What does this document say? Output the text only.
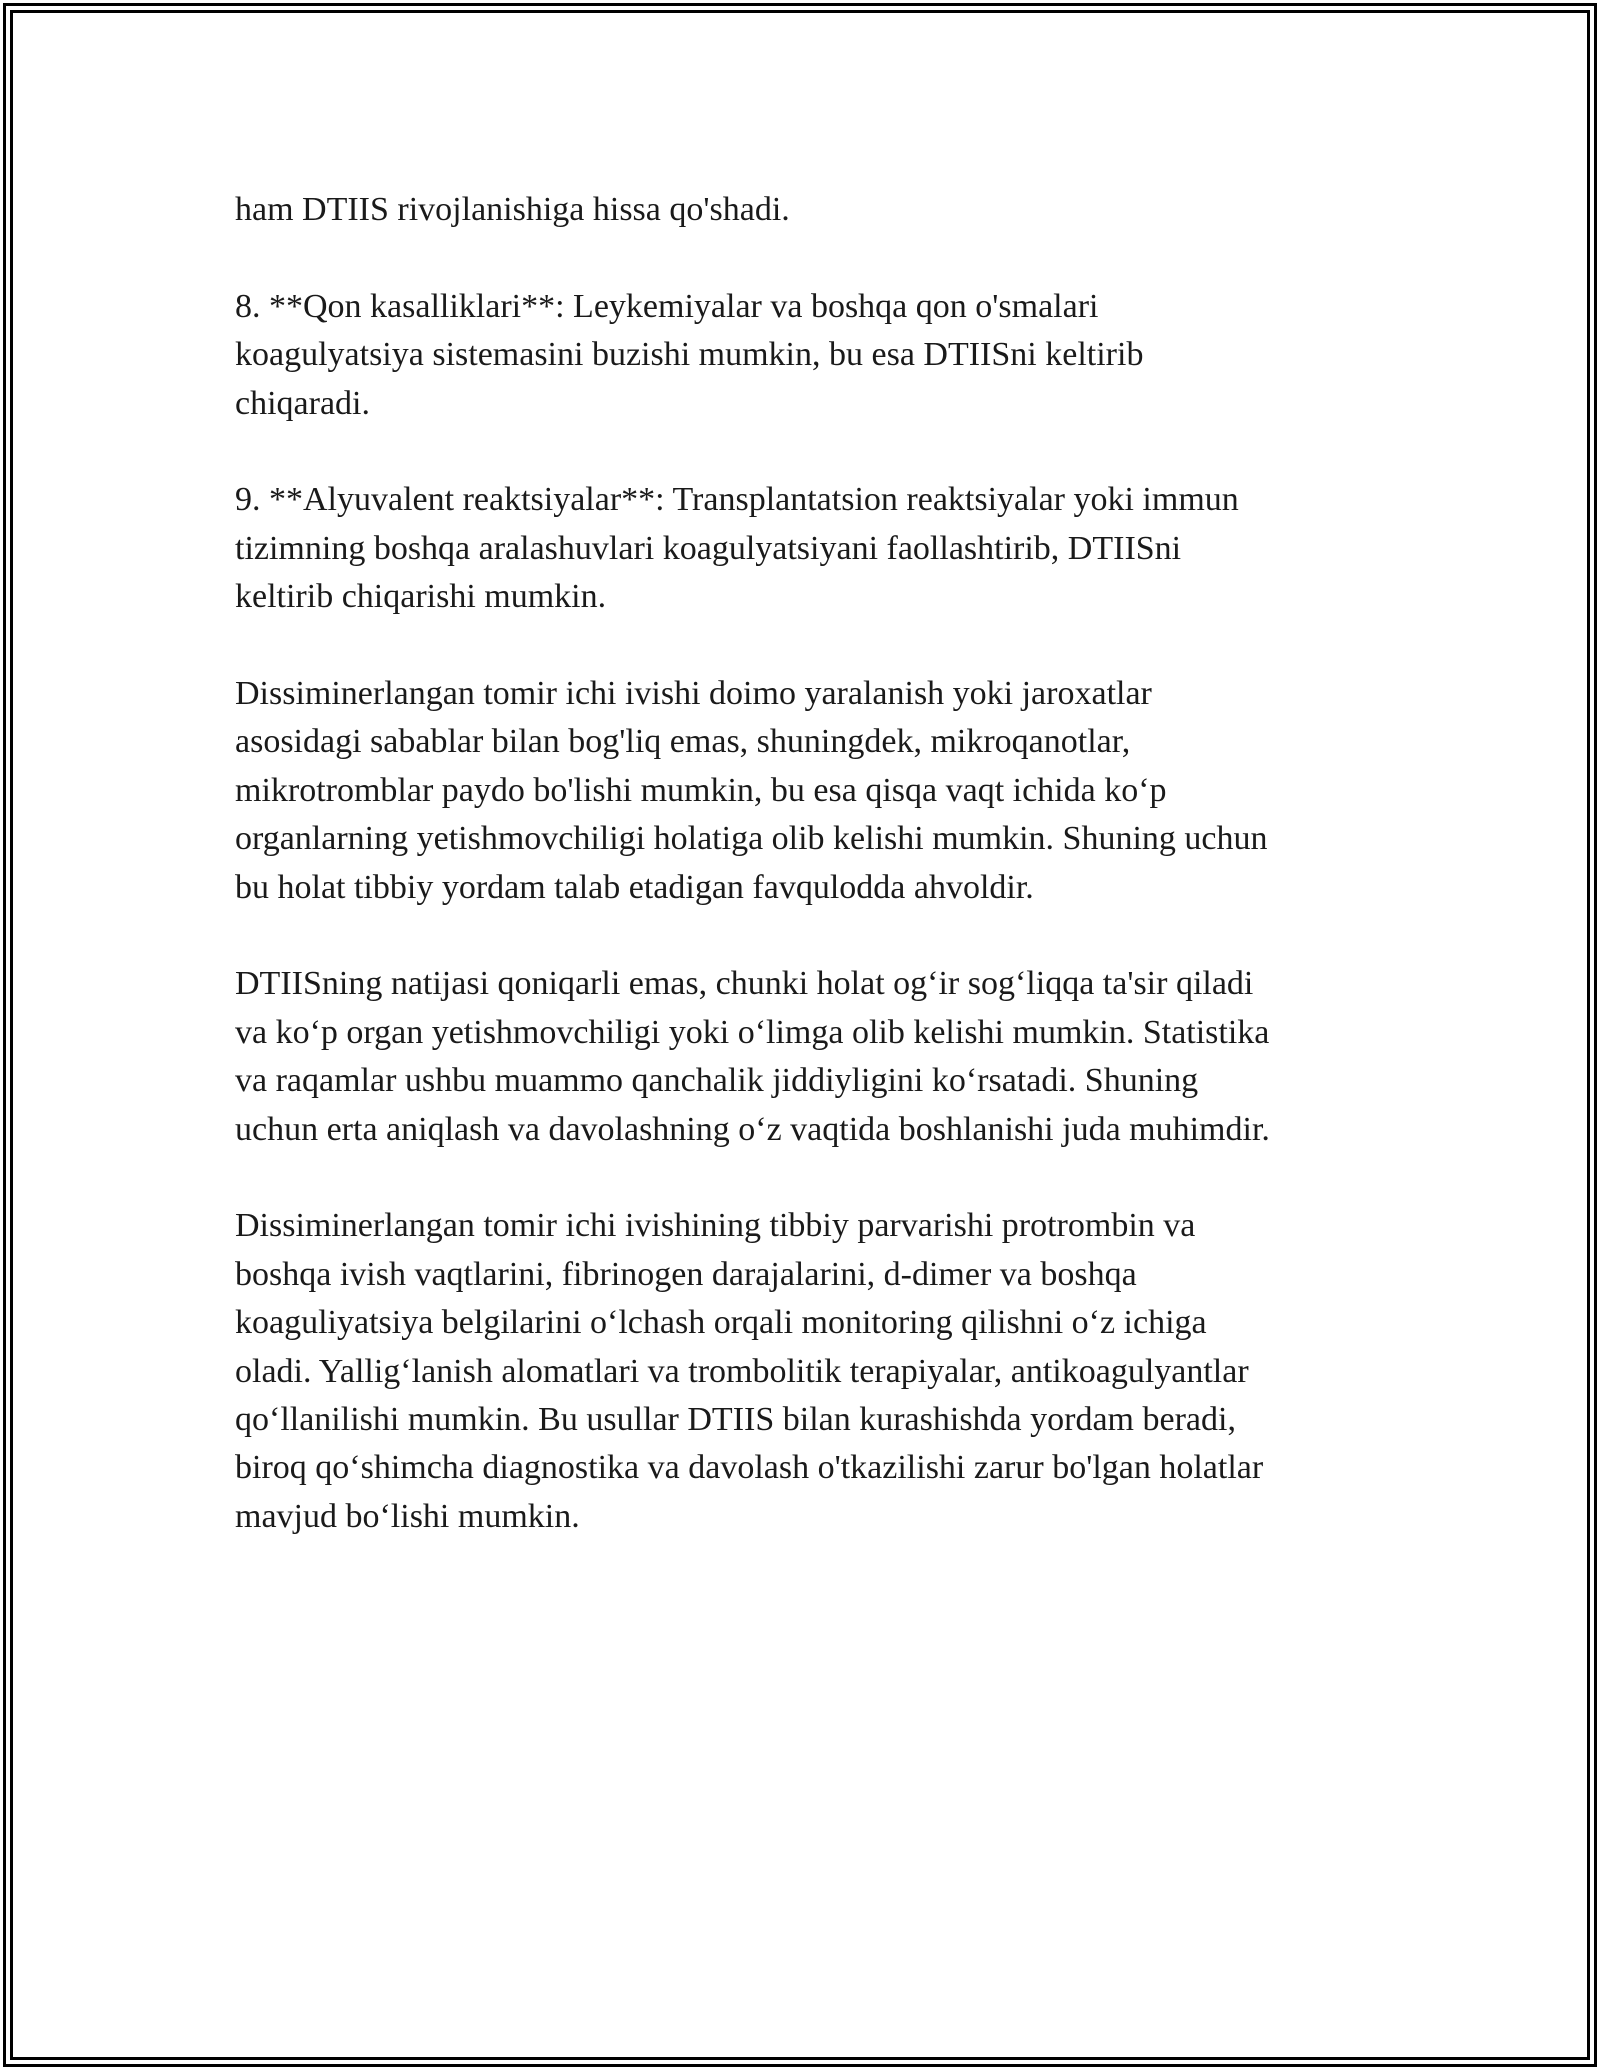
ham DTIIS rivojlanishiga hissa qo'shadi.

8. **Qon kasalliklari**: Leykemiyalar va boshqa qon o'smalari
koagulyatsiya sistemasini buzishi mumkin, bu esa DTIISni keltirib
chiqaradi.

9. **Alyuvalent reaktsiyalar**: Transplantatsion reaktsiyalar yoki immun
tizimning boshqa aralashuvlari koagulyatsiyani faollashtirib, DTIISni
keltirib chiqarishi mumkin.

Dissiminerlangan tomir ichi ivishi doimo yaralanish yoki jaroxatlar
asosidagi sabablar bilan bog'liq emas, shuningdek, mikroqanotlar,
mikrotromblar paydo bo'lishi mumkin, bu esa qisqa vaqt ichida ko‘p
organlarning yetishmovchiligi holatiga olib kelishi mumkin. Shuning uchun
bu holat tibbiy yordam talab etadigan favqulodda ahvoldir.

DTIISning natijasi qoniqarli emas, chunki holat og‘ir sog‘liqqa ta'sir qiladi
va ko‘p organ yetishmovchiligi yoki o‘limga olib kelishi mumkin. Statistika
va raqamlar ushbu muammo qanchalik jiddiyligini ko‘rsatadi. Shuning
uchun erta aniqlash va davolashning o‘z vaqtida boshlanishi juda muhimdir.

Dissiminerlangan tomir ichi ivishining tibbiy parvarishi protrombin va
boshqa ivish vaqtlarini, fibrinogen darajalarini, d-dimer va boshqa
koaguliyatsiya belgilarini o‘lchash orqali monitoring qilishni o‘z ichiga
oladi. Yallig‘lanish alomatlari va trombolitik terapiyalar, antikoagulyantlar
qo‘llanilishi mumkin. Bu usullar DTIIS bilan kurashishda yordam beradi,
biroq qo‘shimcha diagnostika va davolash o'tkazilishi zarur bo'lgan holatlar
mavjud bo‘lishi mumkin.
